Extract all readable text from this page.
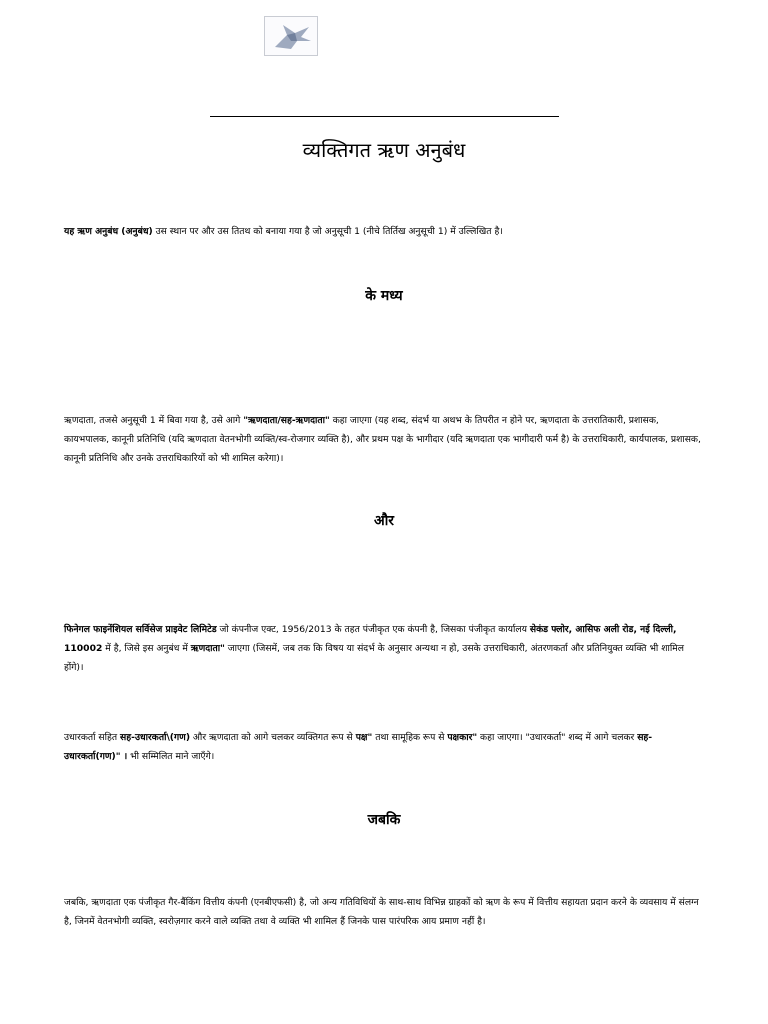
व्यक्तिगत ऋण अनुबंध
यह ऋण अनुबंध (अनुबंध) उस स्थान पर और उस तितथ को बनाया गया है जो अनुसूची 1 (नीचे तिर्तिख अनुसूची 1) में उल्लिखित है।
के मध्य
ऋणदाता, तजसे अनुसूची 1 में बिवा गया है, उसे आगे "ऋणदाता/सह-ऋणदाता" कहा जाएगा (यह शब्द, संदर्भ या अथभ के तिपरीत न होने पर, ऋणदाता के उत्तरातिकारी, प्रशासक, कायभपालक, कानूनी प्रतिनिधि (यदि ऋणदाता वेतनभोगी व्यक्ति/स्व-रोजगार व्यक्ति है), और प्रथम पक्ष के भागीदार (यदि ऋणदाता एक भागीदारी फर्म है) के उत्तराधिकारी, कार्यपालक, प्रशासक, कानूनी प्रतिनिधि और उनके उत्तराधिकारियों को भी शामिल करेगा)।
और
फिनेगल फाइनेंशियल सर्विसेज प्राइवेट लिमिटेड जो कंपनीज एक्ट, 1956/2013 के तहत पंजीकृत एक कंपनी है, जिसका पंजीकृत कार्यालय सेकंड फ्लोर, आसिफ अली रोड, नई दिल्ली, 110002 में है, जिसे इस अनुबंध में ऋणदाता" जाएगा (जिसमें, जब तक कि विषय या संदर्भ के अनुसार अन्यथा न हो, उसके उत्तराधिकारी, अंतरणकर्ता और प्रतिनियुक्त व्यक्ति भी शामिल होंगे)।
उधारकर्ता सहित सह-उधारकर्ता\(गण) और ऋणदाता को आगे चलकर व्यक्तिगत रूप से पक्ष" तथा सामूहिक रूप से पक्षकार" कहा जाएगा। "उधारकर्ता" शब्द में आगे चलकर सह-उधारकर्ता(गण)" । भी सम्मिलित माने जाएँगे।
जबकि
जबकि, ऋणदाता एक पंजीकृत गैर-बैंकिंग वित्तीय कंपनी (एनबीएफसी) है, जो अन्य गतिविधियों के साथ-साथ विभिन्न ग्राहकों को ऋण के रूप में वित्तीय सहायता प्रदान करने के व्यवसाय में संलग्न है, जिनमें वेतनभोगी व्यक्ति, स्वरोज़गार करने वाले व्यक्ति तथा वे व्यक्ति भी शामिल हैं जिनके पास पारंपरिक आय प्रमाण नहीं है।
